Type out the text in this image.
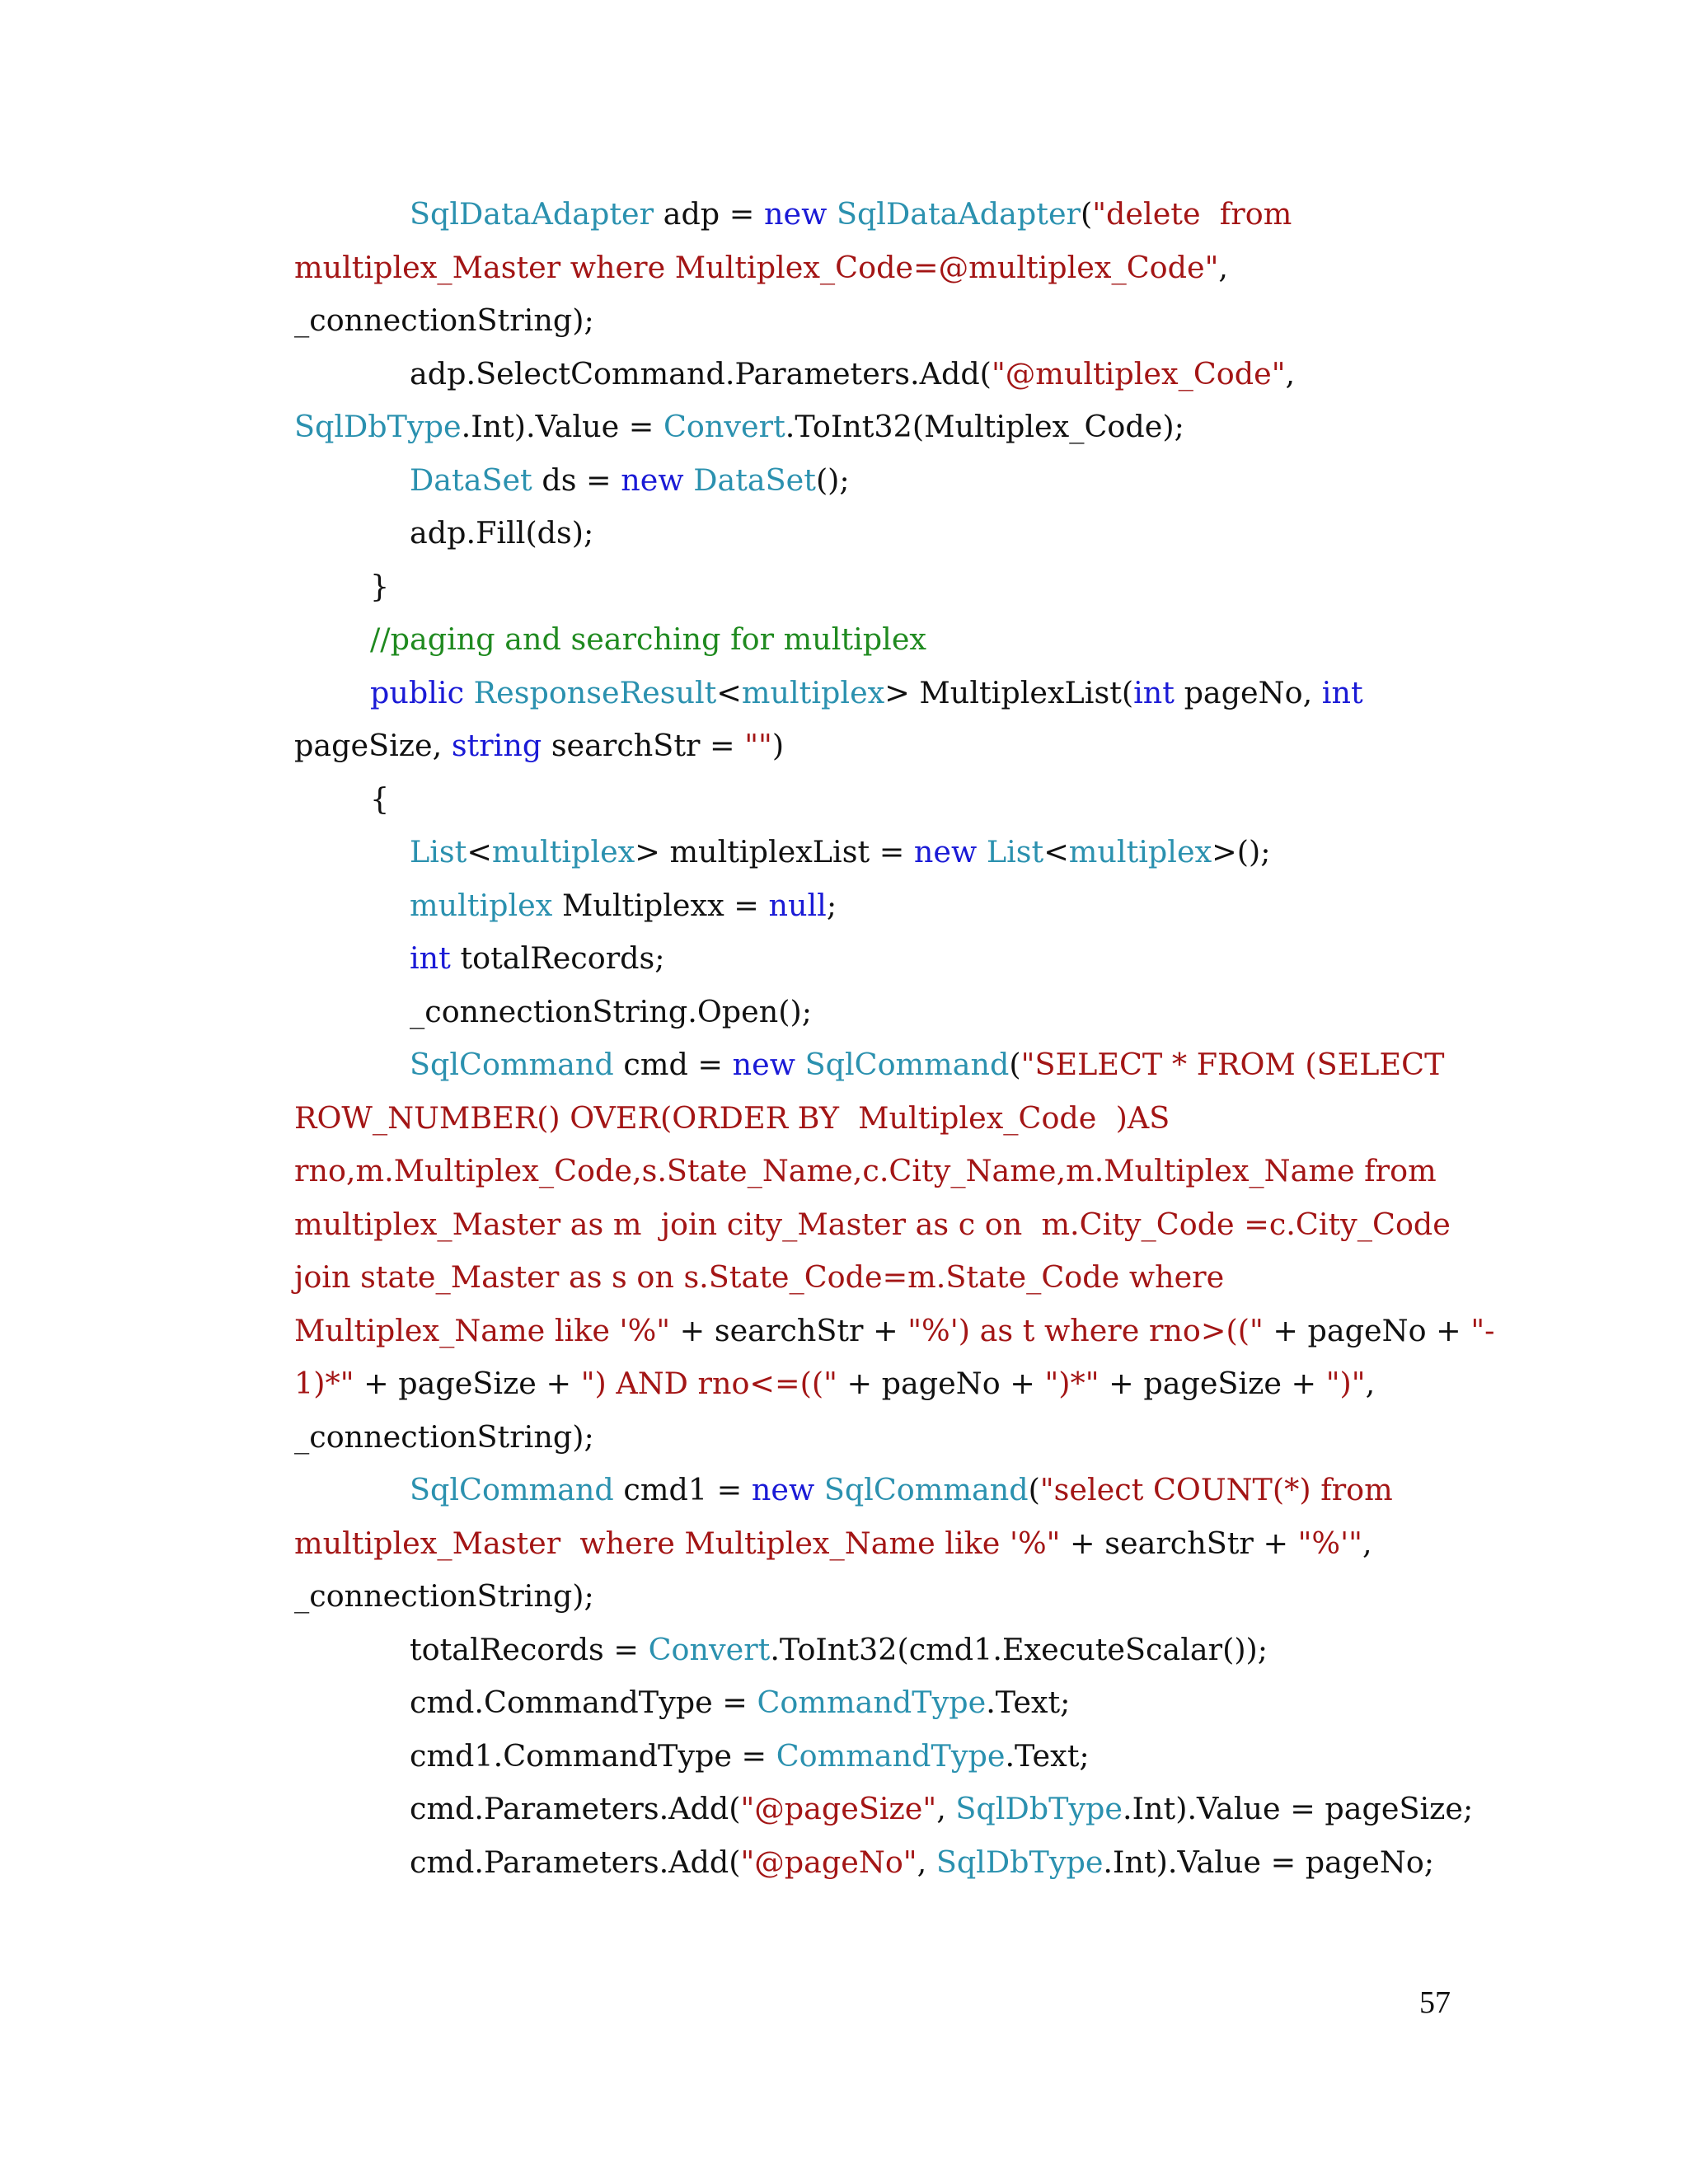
SqlDataAdapter adp = new SqlDataAdapter("delete  from
multiplex_Master where Multiplex_Code=@multiplex_Code",
_connectionString);
adp.SelectCommand.Parameters.Add("@multiplex_Code",
SqlDbType.Int).Value = Convert.ToInt32(Multiplex_Code);
DataSet ds = new DataSet();
adp.Fill(ds);
}
//paging and searching for multiplex
public ResponseResult<multiplex> MultiplexList(int pageNo, int
pageSize, string searchStr = "")
{
List<multiplex> multiplexList = new List<multiplex>();
multiplex Multiplexx = null;
int totalRecords;
_connectionString.Open();
SqlCommand cmd = new SqlCommand("SELECT * FROM (SELECT
ROW_NUMBER() OVER(ORDER BY  Multiplex_Code  )AS
rno,m.Multiplex_Code,s.State_Name,c.City_Name,m.Multiplex_Name from
multiplex_Master as m  join city_Master as c on  m.City_Code =c.City_Code
join state_Master as s on s.State_Code=m.State_Code where
Multiplex_Name like '%" + searchStr + "%') as t where rno>((" + pageNo + "-
1)*" + pageSize + ") AND rno<=((" + pageNo + ")*" + pageSize + ")",
_connectionString);
SqlCommand cmd1 = new SqlCommand("select COUNT(*) from
multiplex_Master  where Multiplex_Name like '%" + searchStr + "%'",
_connectionString);
totalRecords = Convert.ToInt32(cmd1.ExecuteScalar());
cmd.CommandType = CommandType.Text;
cmd1.CommandType = CommandType.Text;
cmd.Parameters.Add("@pageSize", SqlDbType.Int).Value = pageSize;
cmd.Parameters.Add("@pageNo", SqlDbType.Int).Value = pageNo;
57
